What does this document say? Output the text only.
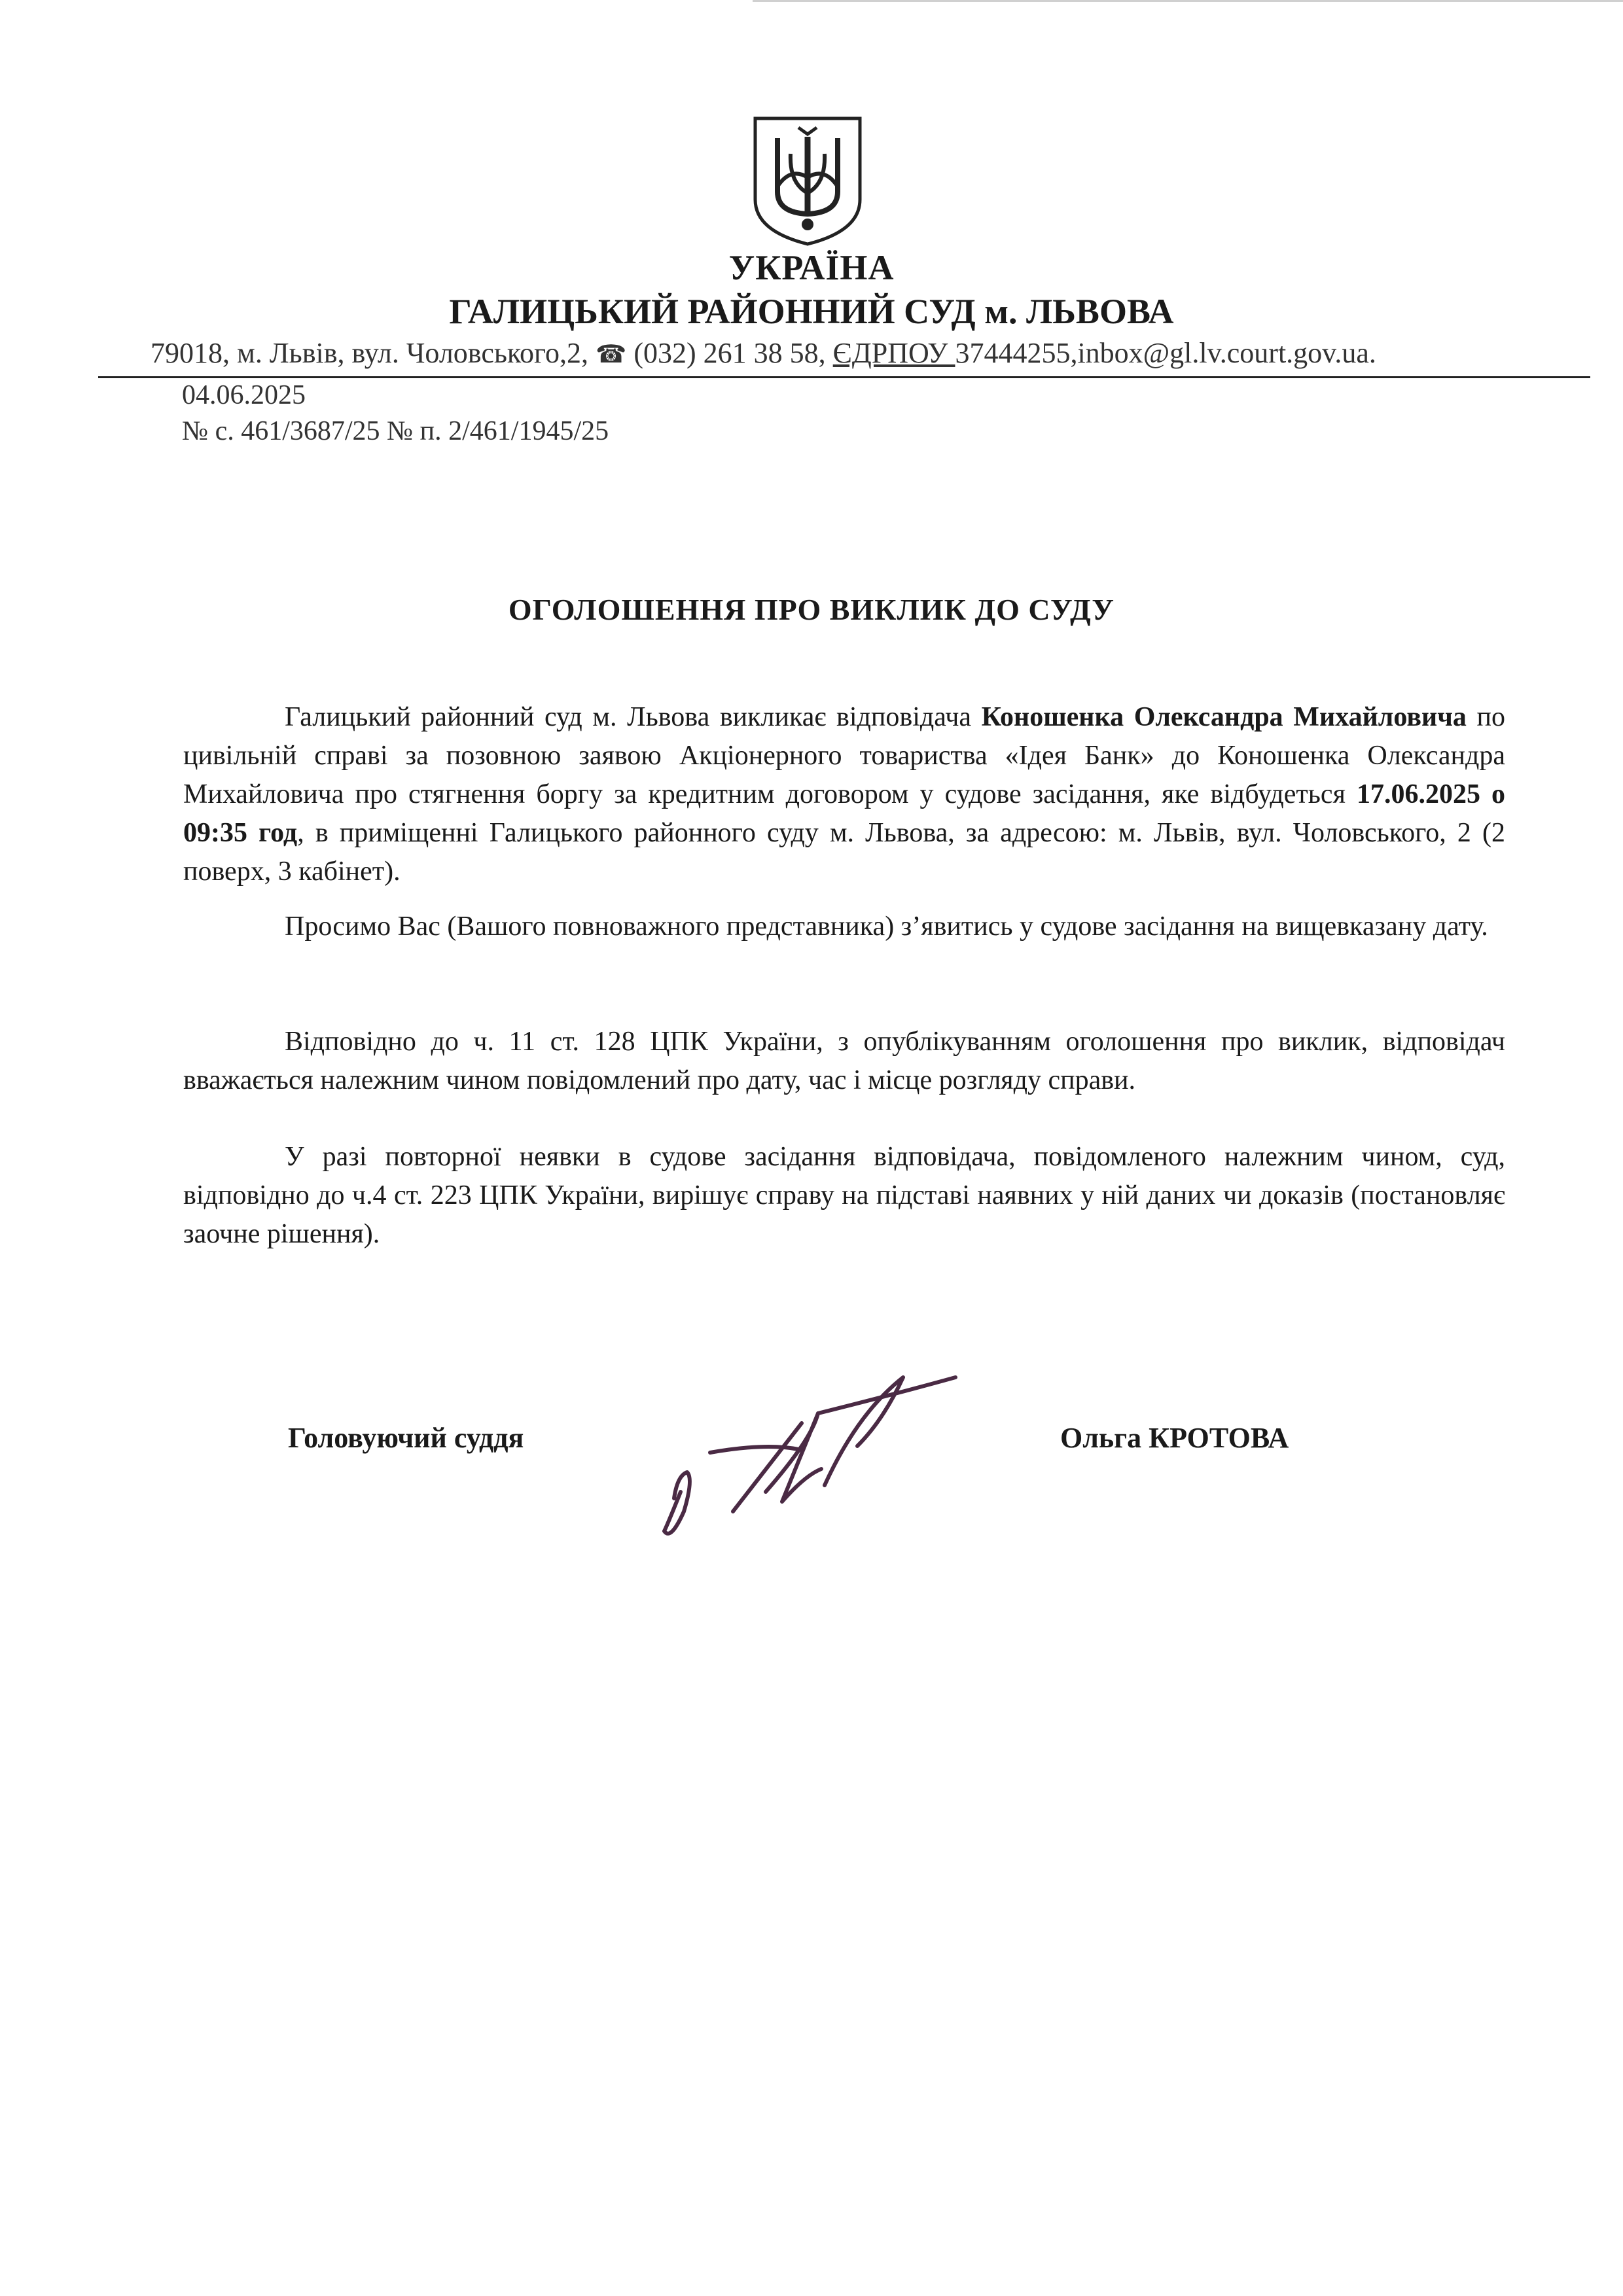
УКРАЇНА
ГАЛИЦЬКИЙ РАЙОННИЙ СУД м. ЛЬВОВА
79018, м. Львів, вул. Чоловського,2, ☎ (032) 261 38 58, ЄДРПОУ 37444255,inbox@gl.lv.court.gov.ua.
04.06.2025
№ с. 461/3687/25 № п. 2/461/1945/25
ОГОЛОШЕННЯ ПРО ВИКЛИК ДО СУДУ

Галицький районний суд м. Львова викликає відповідача Коношенка Олександра Михайловича по цивільній справі за позовною заявою Акціонерного товариства «Ідея Банк» до Коношенка Олександра Михайловича про стягнення боргу за кредитним договором у судове засідання, яке відбудеться 17.06.2025 о 09:35 год, в приміщенні Галицького районного суду м. Львова, за адресою: м. Львів, вул. Чоловського, 2 (2 поверх, 3 кабінет).

Просимо Вас (Вашого повноважного представника) з’явитись у судове засідання на вищевказану дату.

Відповідно до ч. 11 ст. 128 ЦПК України, з опублікуванням оголошення про виклик, відповідач вважається належним чином повідомлений про дату, час і місце розгляду справи.

У разі повторної неявки в судове засідання відповідача, повідомленого належним чином, суд, відповідно до ч.4 ст. 223 ЦПК України, вирішує справу на підставі наявних у ній даних чи доказів (постановляє заочне рішення).

Головуючий суддя	Ольга КРОТОВА
